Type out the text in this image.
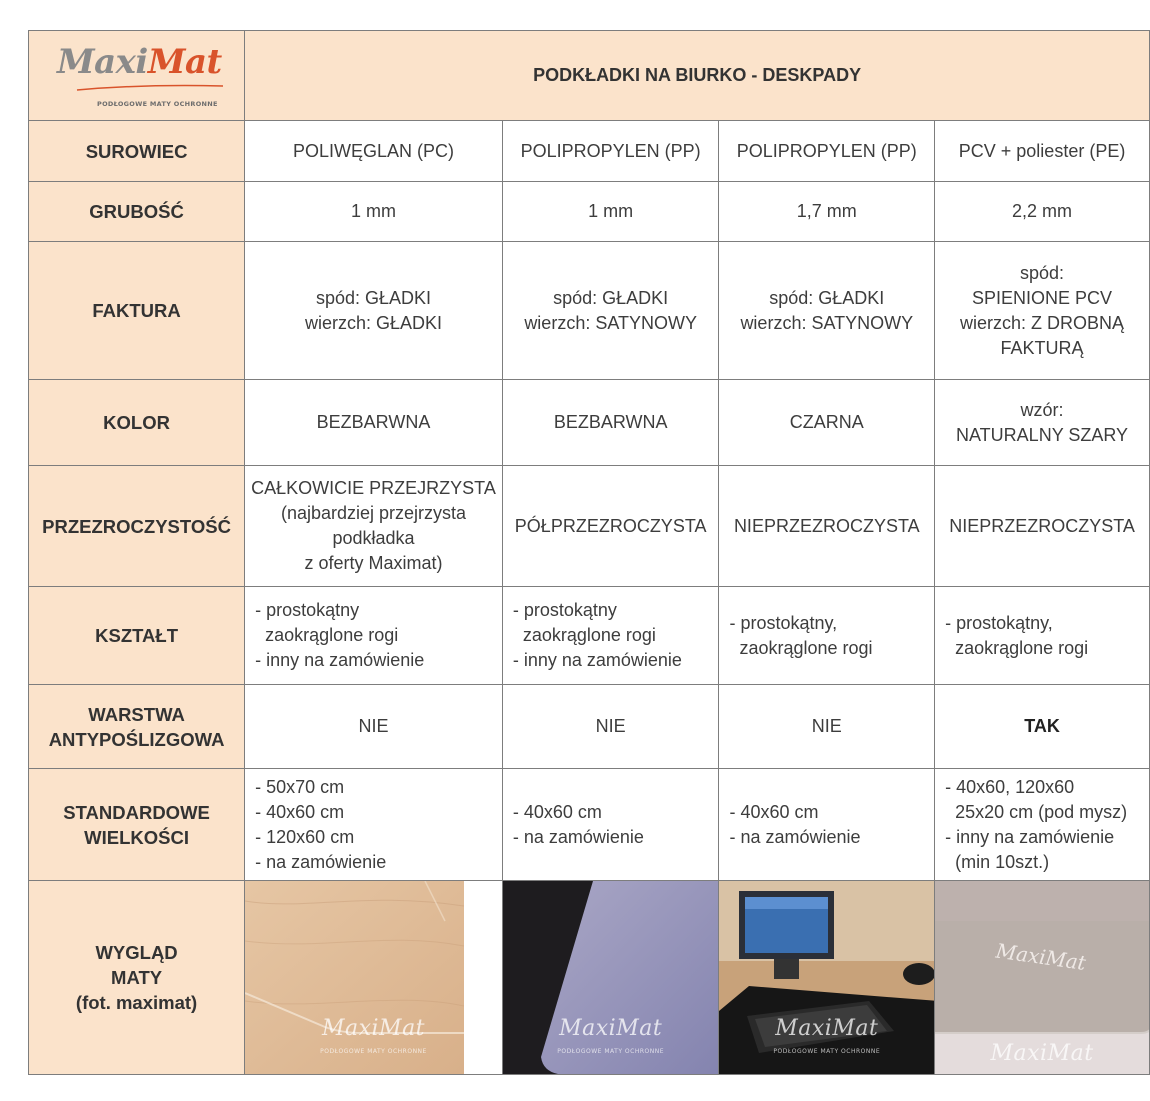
MaxiMat
PODŁOGOWE MATY OCHRONNE	PODKŁADKI NA BIURKO - DESKPADY			

SUROWIEC	POLIWĘGLAN (PC)	POLIPROPYLEN (PP)	POLIPROPYLEN (PP)	PCV + poliester (PE)

GRUBOŚĆ	1 mm	1 mm	1,7 mm	2,2 mm

FAKTURA	spód: GŁADKI
wierzch: GŁADKI	spód: GŁADKI
wierzch: SATYNOWY	spód: GŁADKI
wierzch: SATYNOWY	spód:
SPIENIONE PCV
wierzch: Z DROBNĄ
FAKTURĄ

KOLOR	BEZBARWNA	BEZBARWNA	CZARNA	wzór:
NATURALNY SZARY

PRZEZROCZYSTOŚĆ	CAŁKOWICIE PRZEJRZYSTA
(najbardziej przejrzysta
podkładka
z oferty Maximat)	PÓŁPRZEZROCZYSTA	NIEPRZEZROCZYSTA	NIEPRZEZROCZYSTA

KSZTAŁT	- prostokątny
zaokrąglone rogi
- inny na zamówienie	- prostokątny
zaokrąglone rogi
- inny na zamówienie	- prostokątny,
zaokrąglone rogi	- prostokątny,
zaokrąglone rogi

WARSTWA
ANTYPOŚLIZGOWA	NIE	NIE	NIE	TAK

STANDARDOWE
WIELKOŚCI	- 50x70 cm
- 40x60 cm
- 120x60 cm
- na zamówienie	- 40x60 cm
- na zamówienie	- 40x60 cm
- na zamówienie	- 40x60, 120x60
25x20 cm (pod mysz)
- inny na zamówienie
(min 10szt.)

WYGLĄD
MATY
(fot. maximat)	MaxiMat
PODŁOGOWE MATY OCHRONNE	MaxiMat
PODŁOGOWE MATY OCHRONNE	MaxiMat
PODŁOGOWE MATY OCHRONNE	MaxiMat
MaxiMat
